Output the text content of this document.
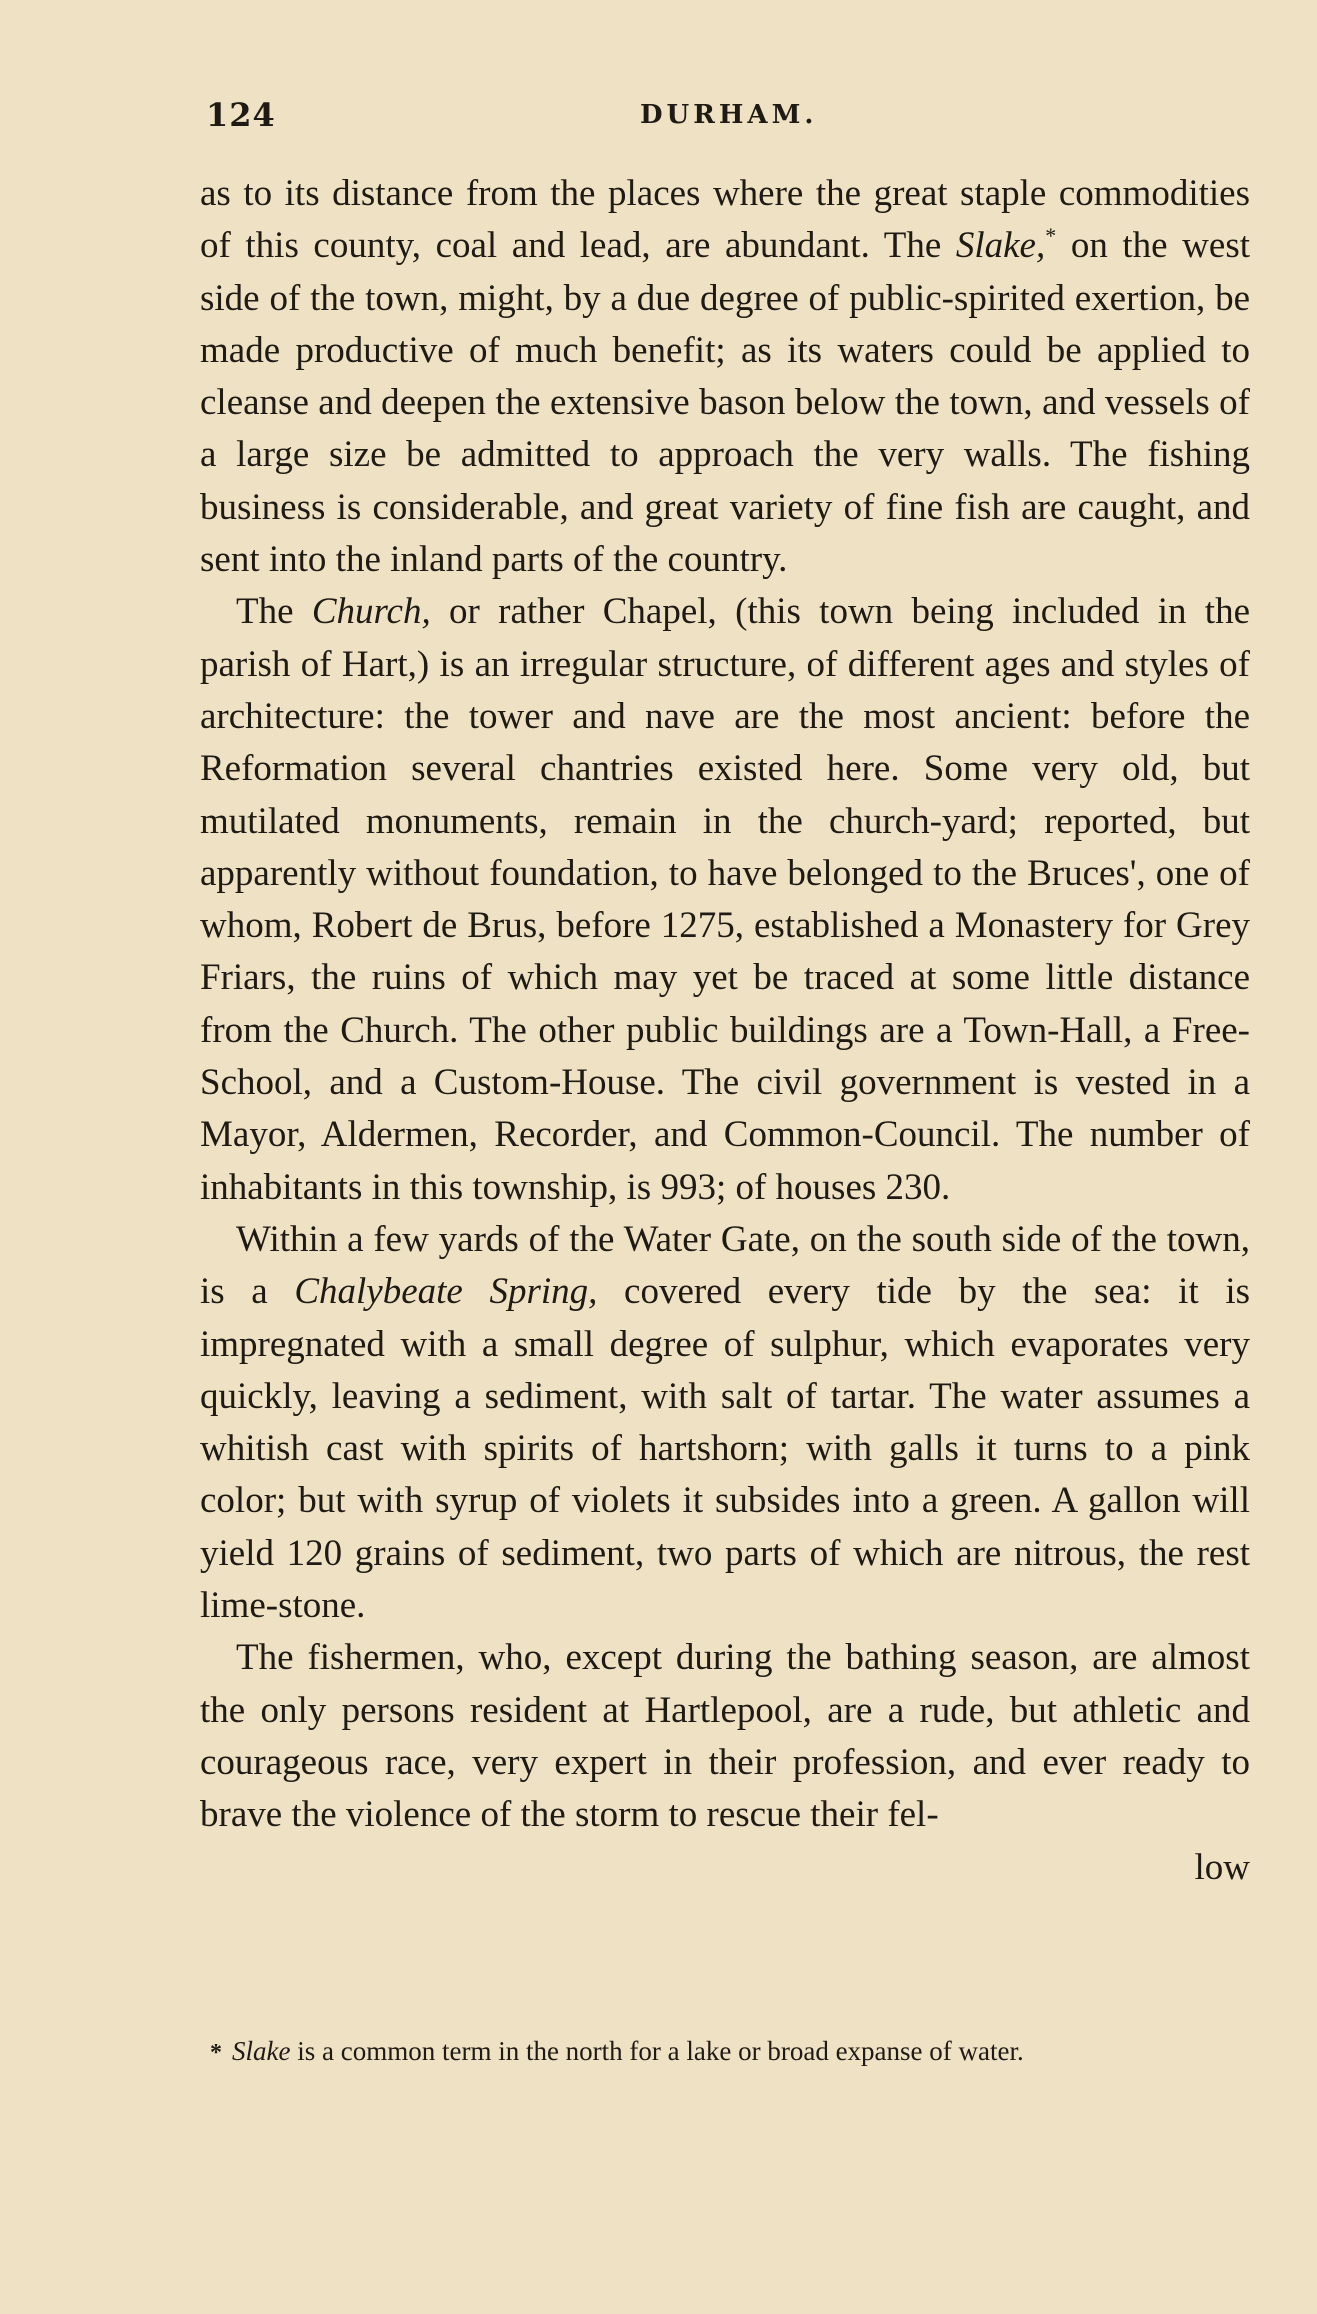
124	DURHAM.

as to its distance from the places where the great staple commodities of this county, coal and lead, are abundant. The Slake,* on the west side of the town, might, by a due degree of public-spirited exertion, be made productive of much benefit; as its waters could be applied to cleanse and deepen the extensive bason below the town, and vessels of a large size be admitted to approach the very walls. The fishing business is considerable, and great variety of fine fish are caught, and sent into the inland parts of the country.

The Church, or rather Chapel, (this town being included in the parish of Hart,) is an irregular structure, of different ages and styles of architecture: the tower and nave are the most ancient: before the Reformation several chantries existed here. Some very old, but mutilated monuments, remain in the church-yard; reported, but apparently without foundation, to have belonged to the Bruces', one of whom, Robert de Brus, before 1275, established a Monastery for Grey Friars, the ruins of which may yet be traced at some little distance from the Church. The other public buildings are a Town-Hall, a Free-School, and a Custom-House. The civil government is vested in a Mayor, Aldermen, Recorder, and Common-Council. The number of inhabitants in this township, is 993; of houses 230.

Within a few yards of the Water Gate, on the south side of the town, is a Chalybeate Spring, covered every tide by the sea: it is impregnated with a small degree of sulphur, which evaporates very quickly, leaving a sediment, with salt of tartar. The water assumes a whitish cast with spirits of hartshorn; with galls it turns to a pink color; but with syrup of violets it subsides into a green. A gallon will yield 120 grains of sediment, two parts of which are nitrous, the rest lime-stone.

The fishermen, who, except during the bathing season, are almost the only persons resident at Hartlepool, are a rude, but athletic and courageous race, very expert in their profession, and ever ready to brave the violence of the storm to rescue their fel-

low

* Slake is a common term in the north for a lake or broad expanse of water.
